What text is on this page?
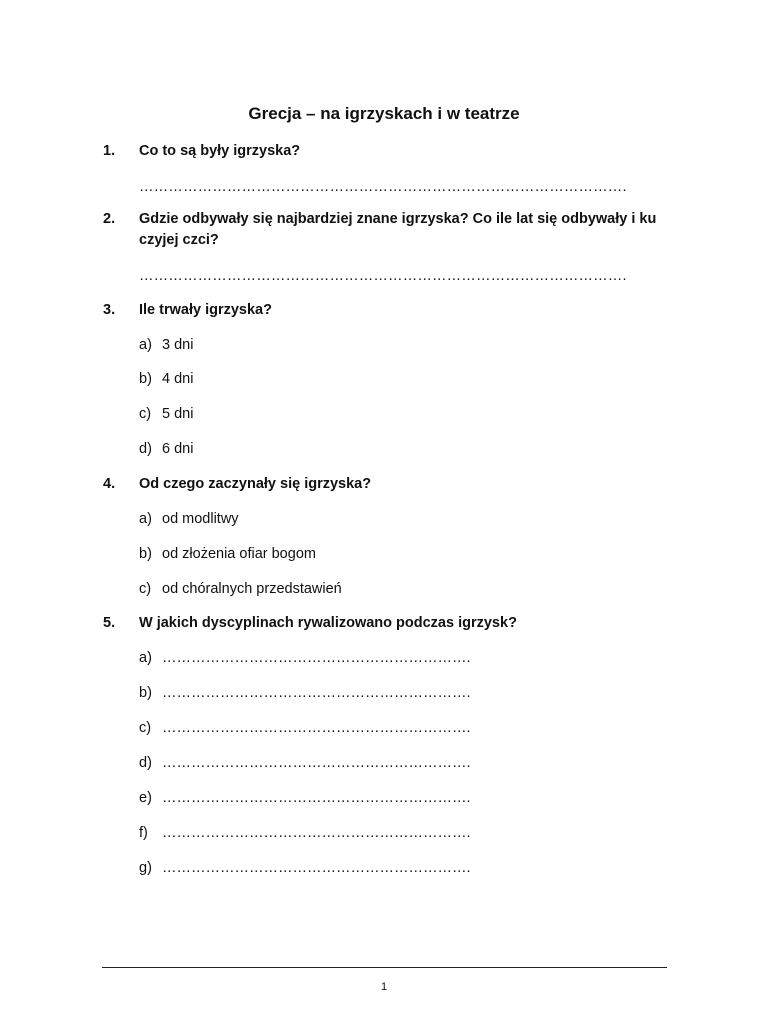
Grecja – na igrzyskach i w teatrze
1. Co to są były igrzyska?
……………………………………………………………………………………….
2. Gdzie odbywały się najbardziej znane igrzyska? Co ile lat się odbywały i ku czyjej czci?
……………………………………………………………………………………….
3. Ile trwały igrzyska?
a) 3 dni
b) 4 dni
c) 5 dni
d) 6 dni
4. Od czego zaczynały się igrzyska?
a) od modlitwy
b) od złożenia ofiar bogom
c) od chóralnych przedstawień
5. W jakich dyscyplinach rywalizowano podczas igrzysk?
a) ……………………………………………………….
b) ……………………………………………………….
c) ……………………………………………………….
d) ……………………………………………………….
e) ……………………………………………………….
f) ……………………………………………………….
g) ……………………………………………………….
1
